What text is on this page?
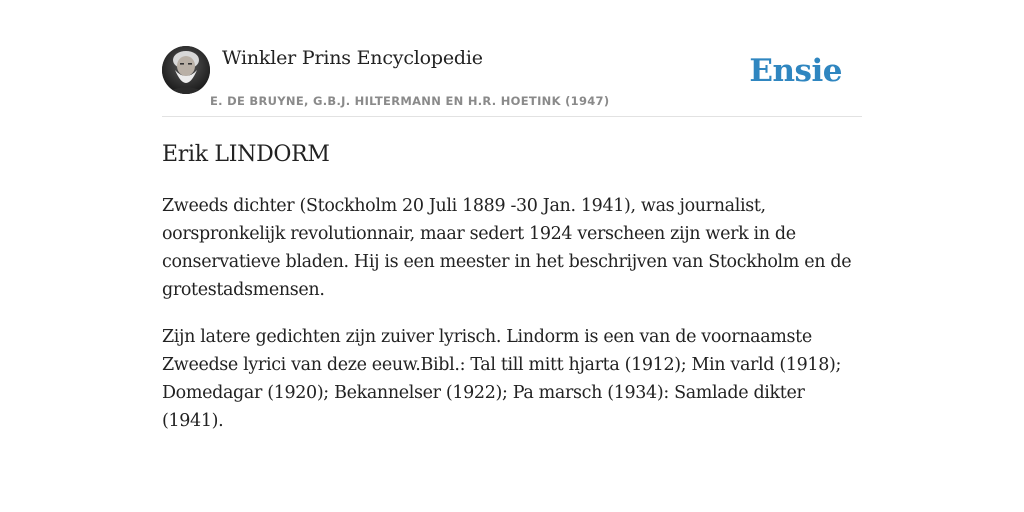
Winkler Prins Encyclopedie
E. DE BRUYNE, G.B.J. HILTERMANN EN H.R. HOETINK (1947)
Ensie
Erik LINDORM

Zweeds dichter (Stockholm 20 Juli 1889 -30 Jan. 1941), was journalist, oorspronkelijk revolutionnair, maar sedert 1924 verscheen zijn werk in de conservatieve bladen. Hij is een meester in het beschrijven van Stockholm en de grotestadsmensen.

Zijn latere gedichten zijn zuiver lyrisch. Lindorm is een van de voornaamste Zweedse lyrici van deze eeuw.Bibl.: Tal till mitt hjarta (1912); Min varld (1918); Domedagar (1920); Bekannelser (1922); Pa marsch (1934): Samlade dikter (1941).
